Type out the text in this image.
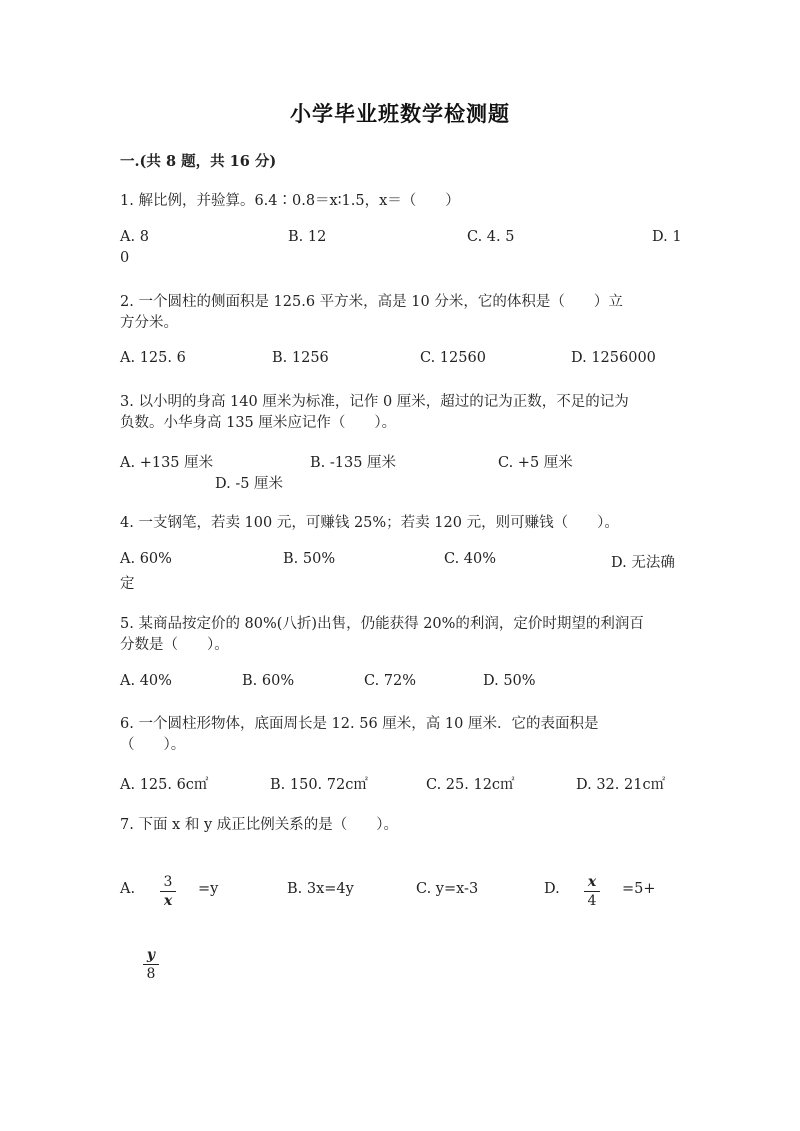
小学毕业班数学检测题
一.(共 8 题，共 16 分)
1. 解比例，并验算。6.4∶0.8＝x∶1.5，x＝（　　）
A. 8	B. 12	C. 4. 5	D. 1
0
2. 一个圆柱的侧面积是 125.6 平方米，高是 10 分米，它的体积是（　　）立
方分米。
A. 125. 6	B. 1256	C. 12560	D. 1256000
3. 以小明的身高 140 厘米为标准，记作 0 厘米，超过的记为正数，不足的记为
负数。小华身高 135 厘米应记作（　　）。
A. +135 厘米	B. -135 厘米	C. +5 厘米
D. -5 厘米
4. 一支钢笔，若卖 100 元，可赚钱 25%；若卖 120 元，则可赚钱（　　）。
A. 60%	B. 50%	C. 40%	D. 无法确
定
5. 某商品按定价的 80%(八折)出售，仍能获得 20%的利润，定价时期望的利润百
分数是（　　）。
A. 40%	B. 60%	C. 72%	D. 50%
6. 一个圆柱形物体，底面周长是 12. 56 厘米，高 10 厘米．它的表面积是
（　　）。
A. 125. 6c㎡	B. 150. 72c㎡	C. 25. 12c㎡	D. 32. 21c㎡
7. 下面 x 和 y 成正比例关系的是（　　）。
A. 3
x
=y	B. 3x=4y	C. y=x-3	D. x
4
=5+
y
8
